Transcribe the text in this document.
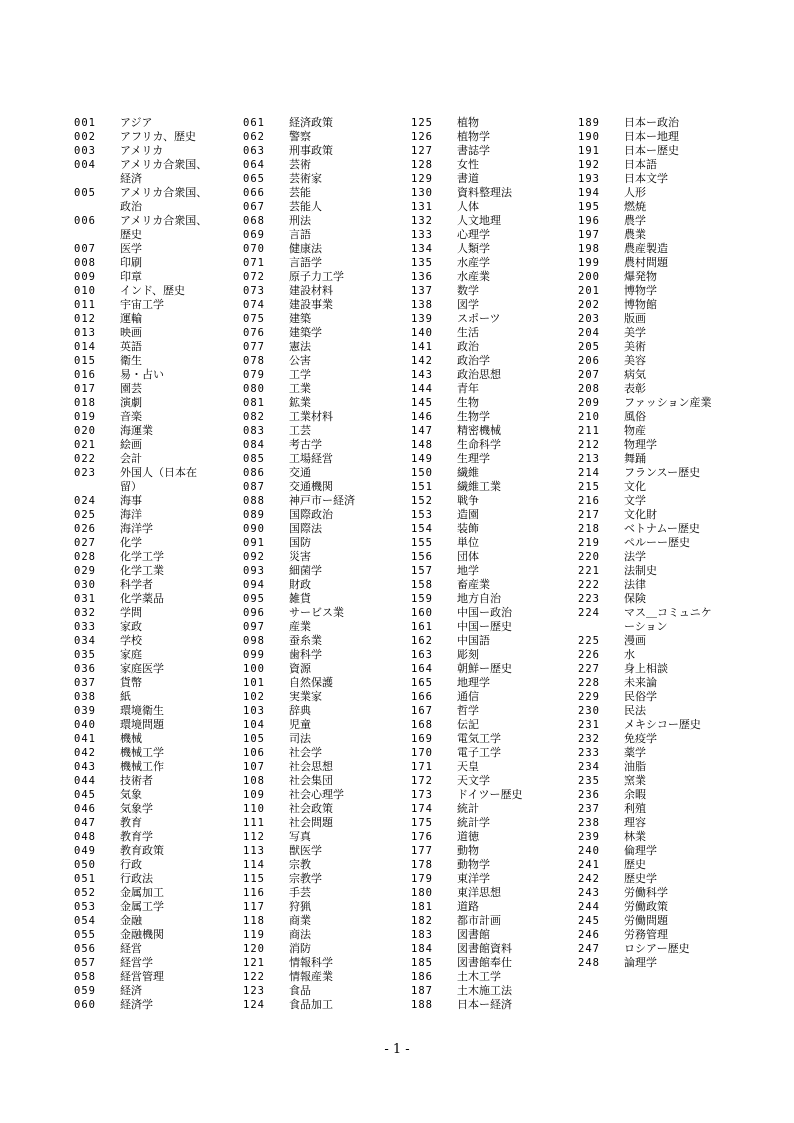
001	アジア
002	アフリカ、歴史
003	アメリカ
004	アメリカ合衆国、
経済
005	アメリカ合衆国、
政治
006	アメリカ合衆国、
歴史
007	医学
008	印刷
009	印章
010	インド、歴史
011	宇宙工学
012	運輸
013	映画
014	英語
015	衛生
016	易・占い
017	園芸
018	演劇
019	音楽
020	海運業
021	絵画
022	会計
023	外国人（日本在
留）
024	海事
025	海洋
026	海洋学
027	化学
028	化学工学
029	化学工業
030	科学者
031	化学薬品
032	学問
033	家政
034	学校
035	家庭
036	家庭医学
037	貨幣
038	紙
039	環境衛生
040	環境問題
041	機械
042	機械工学
043	機械工作
044	技術者
045	気象
046	気象学
047	教育
048	教育学
049	教育政策
050	行政
051	行政法
052	金属加工
053	金属工学
054	金融
055	金融機関
056	経営
057	経営学
058	経営管理
059	経済
060	経済学
061	経済政策
062	警察
063	刑事政策
064	芸術
065	芸術家
066	芸能
067	芸能人
068	刑法
069	言語
070	健康法
071	言語学
072	原子力工学
073	建設材料
074	建設事業
075	建築
076	建築学
077	憲法
078	公害
079	工学
080	工業
081	鉱業
082	工業材料
083	工芸
084	考古学
085	工場経営
086	交通
087	交通機関
088	神戸市ー経済
089	国際政治
090	国際法
091	国防
092	災害
093	細菌学
094	財政
095	雑貨
096	サービス業
097	産業
098	蚕糸業
099	歯科学
100	資源
101	自然保護
102	実業家
103	辞典
104	児童
105	司法
106	社会学
107	社会思想
108	社会集団
109	社会心理学
110	社会政策
111	社会問題
112	写真
113	獣医学
114	宗教
115	宗教学
116	手芸
117	狩猟
118	商業
119	商法
120	消防
121	情報科学
122	情報産業
123	食品
124	食品加工
125	植物
126	植物学
127	書誌学
128	女性
129	書道
130	資料整理法
131	人体
132	人文地理
133	心理学
134	人類学
135	水産学
136	水産業
137	数学
138	図学
139	スポーツ
140	生活
141	政治
142	政治学
143	政治思想
144	青年
145	生物
146	生物学
147	精密機械
148	生命科学
149	生理学
150	繊維
151	繊維工業
152	戦争
153	造園
154	装飾
155	単位
156	団体
157	地学
158	畜産業
159	地方自治
160	中国ー政治
161	中国ー歴史
162	中国語
163	彫刻
164	朝鮮ー歴史
165	地理学
166	通信
167	哲学
168	伝記
169	電気工学
170	電子工学
171	天皇
172	天文学
173	ドイツー歴史
174	統計
175	統計学
176	道徳
177	動物
178	動物学
179	東洋学
180	東洋思想
181	道路
182	都市計画
183	図書館
184	図書館資料
185	図書館奉仕
186	土木工学
187	土木施工法
188	日本ー経済
189	日本ー政治
190	日本ー地理
191	日本ー歴史
192	日本語
193	日本文学
194	人形
195	燃焼
196	農学
197	農業
198	農産製造
199	農村問題
200	爆発物
201	博物学
202	博物館
203	版画
204	美学
205	美術
206	美容
207	病気
208	表彰
209	ファッション産業
210	風俗
211	物産
212	物理学
213	舞踊
214	フランスー歴史
215	文化
216	文学
217	文化財
218	ベトナムー歴史
219	ペルーー歴史
220	法学
221	法制史
222	法律
223	保険
224	マス＿コミュニケ
ーション
225	漫画
226	水
227	身上相談
228	未来論
229	民俗学
230	民法
231	メキシコー歴史
232	免疫学
233	薬学
234	油脂
235	窯業
236	余暇
237	利殖
238	理容
239	林業
240	倫理学
241	歴史
242	歴史学
243	労働科学
244	労働政策
245	労働問題
246	労務管理
247	ロシアー歴史
248	論理学
- 1 -
